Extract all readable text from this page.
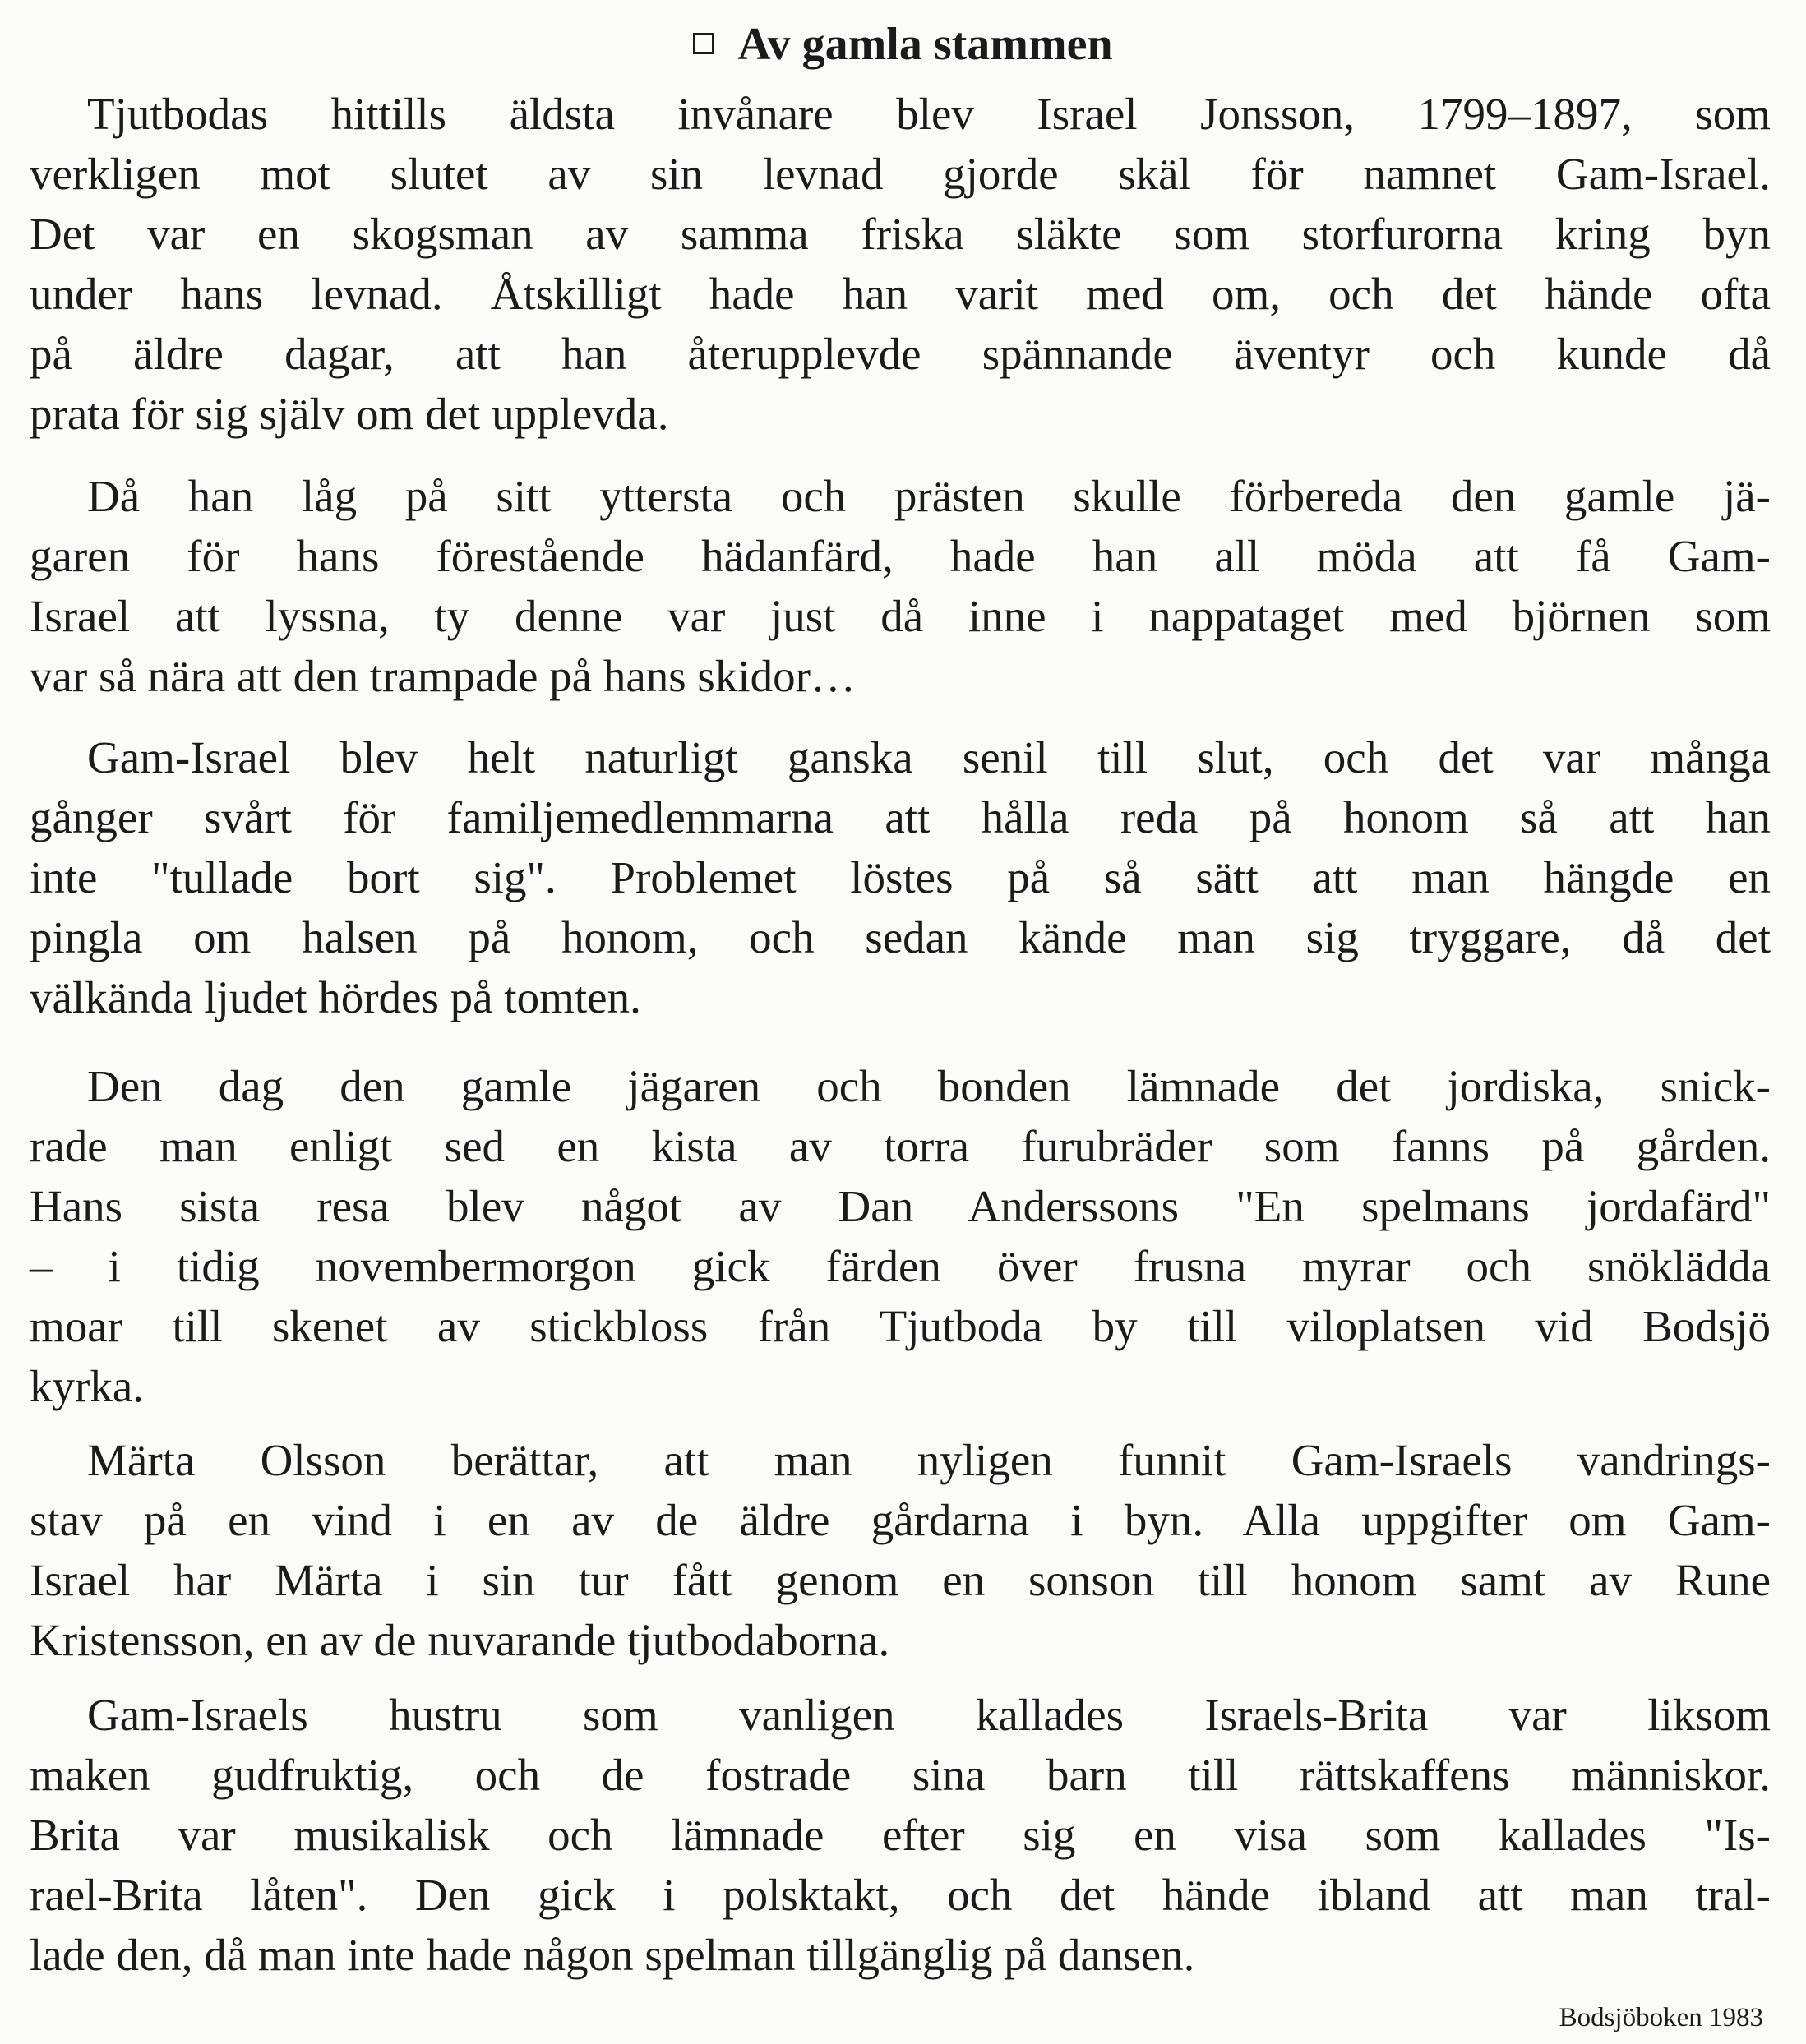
Av gamla stammen
Tjutbodas hittills äldsta invånare blev Israel Jonsson, 1799–1897, som
verkligen mot slutet av sin levnad gjorde skäl för namnet Gam-Israel.
Det var en skogsman av samma friska släkte som storfurorna kring byn
under hans levnad. Åtskilligt hade han varit med om, och det hände ofta
på äldre dagar, att han återupplevde spännande äventyr och kunde då
prata för sig själv om det upplevda.
Då han låg på sitt yttersta och prästen skulle förbereda den gamle jä-
garen för hans förestående hädanfärd, hade han all möda att få Gam-
Israel att lyssna, ty denne var just då inne i nappataget med björnen som
var så nära att den trampade på hans skidor…
Gam-Israel blev helt naturligt ganska senil till slut, och det var många
gånger svårt för familjemedlemmarna att hålla reda på honom så att han
inte "tullade bort sig". Problemet löstes på så sätt att man hängde en
pingla om halsen på honom, och sedan kände man sig tryggare, då det
välkända ljudet hördes på tomten.
Den dag den gamle jägaren och bonden lämnade det jordiska, snick-
rade man enligt sed en kista av torra furubräder som fanns på gården.
Hans sista resa blev något av Dan Anderssons "En spelmans jordafärd"
– i tidig novembermorgon gick färden över frusna myrar och snöklädda
moar till skenet av stickbloss från Tjutboda by till viloplatsen vid Bodsjö
kyrka.
Märta Olsson berättar, att man nyligen funnit Gam-Israels vandrings-
stav på en vind i en av de äldre gårdarna i byn. Alla uppgifter om Gam-
Israel har Märta i sin tur fått genom en sonson till honom samt av Rune
Kristensson, en av de nuvarande tjutbodaborna.
Gam-Israels hustru som vanligen kallades Israels-Brita var liksom
maken gudfruktig, och de fostrade sina barn till rättskaffens människor.
Brita var musikalisk och lämnade efter sig en visa som kallades "Is-
rael-Brita låten". Den gick i polsktakt, och det hände ibland att man tral-
lade den, då man inte hade någon spelman tillgänglig på dansen.
Bodsjöboken 1983
